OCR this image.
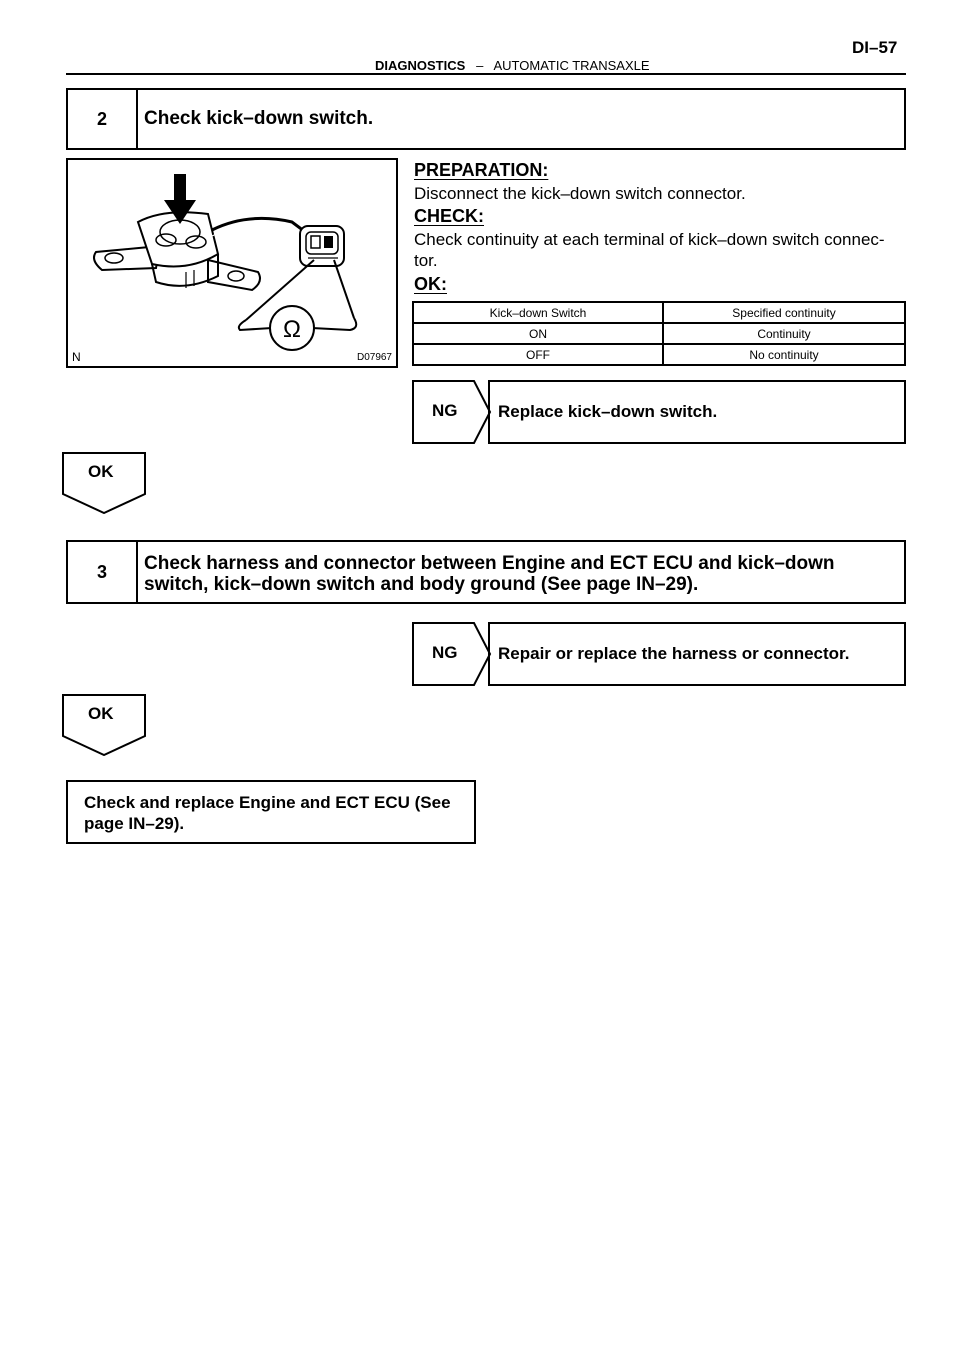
DI–57
DIAGNOSTICS – AUTOMATIC TRANSAXLE
2	Check kick–down switch.
Ω
N	D07967
PREPARATION:
Disconnect the kick–down switch connector.
CHECK:
Check continuity at each terminal of kick–down switch connec- tor.
OK:
Kick–down Switch	Specified continuity
ON	Continuity
OFF	No continuity
NG Replace kick–down switch.
OK
3	Check harness and connector between Engine and ECT ECU and kick–down
switch, kick–down switch and body ground (See page IN–29).
NG Repair or replace the harness or connector.
OK
Check and replace Engine and ECT ECU (See
page IN–29).
